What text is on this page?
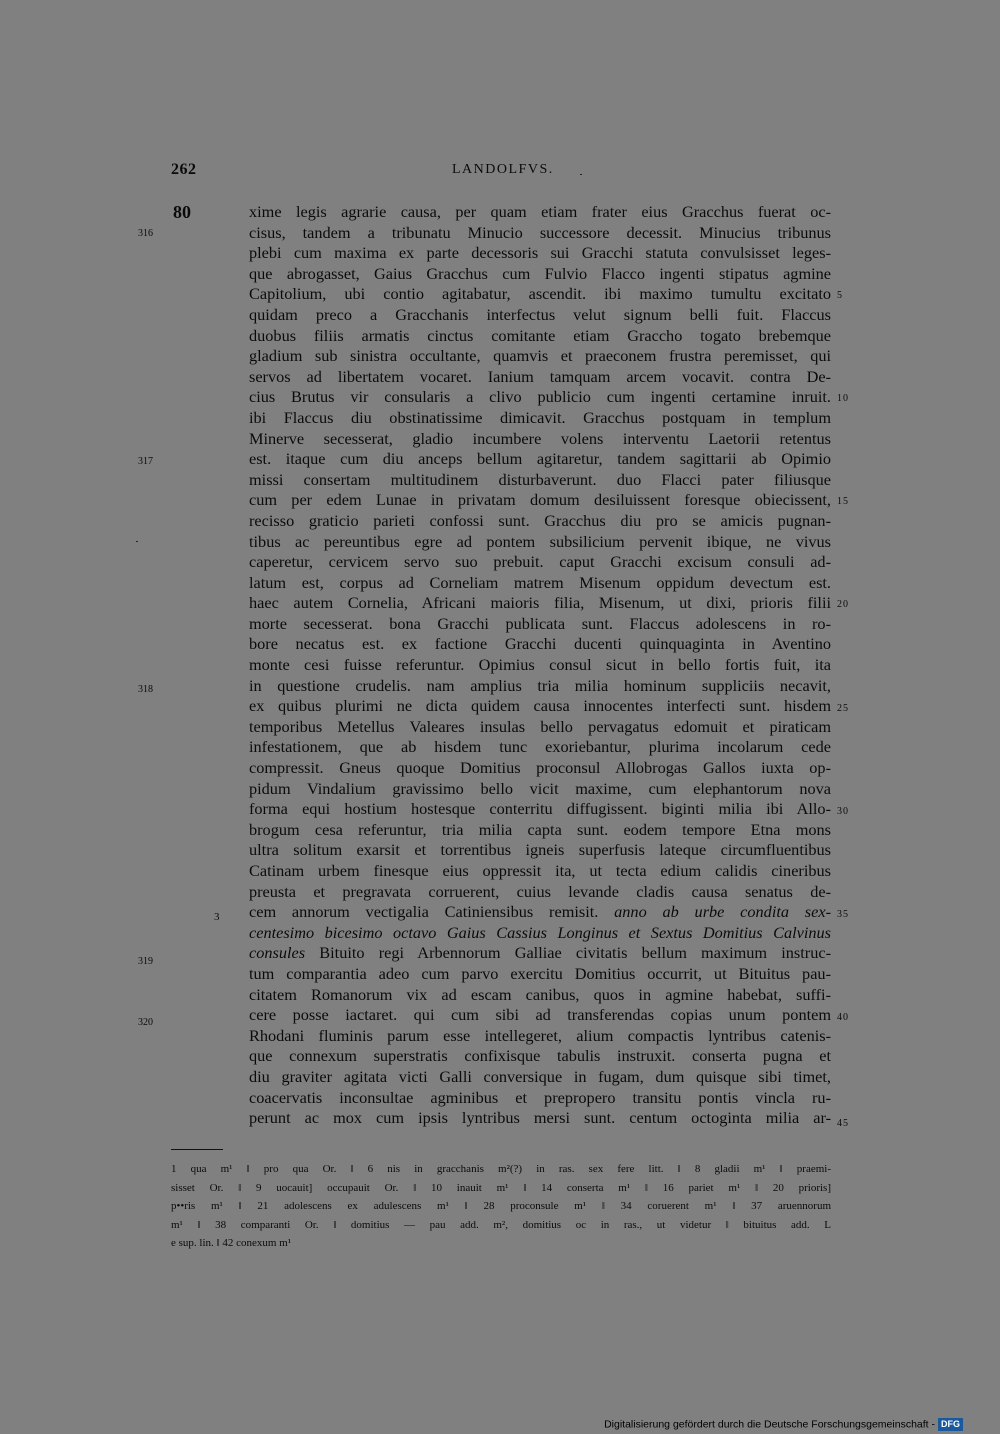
262	LANDOLFVS.
80
316
317
318
3
319
320
5
10
15
20
25
30
35
40
45
xime legis agrarie causa, per quam etiam frater eius Gracchus fuerat oc-
cisus, tandem a tribunatu Minucio successore decessit. Minucius tribunus
plebi cum maxima ex parte decessoris sui Gracchi statuta convulsisset leges-
que abrogasset, Gaius Gracchus cum Fulvio Flacco ingenti stipatus agmine
Capitolium, ubi contio agitabatur, ascendit. ibi maximo tumultu excitato
quidam preco a Gracchanis interfectus velut signum belli fuit. Flaccus
duobus filiis armatis cinctus comitante etiam Graccho togato brebemque
gladium sub sinistra occultante, quamvis et praeconem frustra peremisset, qui
servos ad libertatem vocaret. Ianium tamquam arcem vocavit. contra De-
cius Brutus vir consularis a clivo publicio cum ingenti certamine inruit.
ibi Flaccus diu obstinatissime dimicavit. Gracchus postquam in templum
Minerve secesserat, gladio incumbere volens interventu Laetorii retentus
est. itaque cum diu anceps bellum agitaretur, tandem sagittarii ab Opimio
missi consertam multitudinem disturbaverunt. duo Flacci pater filiusque
cum per edem Lunae in privatam domum desiluissent foresque obiecissent,
recisso graticio parieti confossi sunt. Gracchus diu pro se amicis pugnan-
tibus ac pereuntibus egre ad pontem subsilicium pervenit ibique, ne vivus
caperetur, cervicem servo suo prebuit. caput Gracchi excisum consuli ad-
latum est, corpus ad Corneliam matrem Misenum oppidum devectum est.
haec autem Cornelia, Africani maioris filia, Misenum, ut dixi, prioris filii
morte secesserat. bona Gracchi publicata sunt. Flaccus adolescens in ro-
bore necatus est. ex factione Gracchi ducenti quinquaginta in Aventino
monte cesi fuisse referuntur. Opimius consul sicut in bello fortis fuit, ita
in questione crudelis. nam amplius tria milia hominum suppliciis necavit,
ex quibus plurimi ne dicta quidem causa innocentes interfecti sunt. hisdem
temporibus Metellus Valeares insulas bello pervagatus edomuit et piraticam
infestationem, que ab hisdem tunc exoriebantur, plurima incolarum cede
compressit. Gneus quoque Domitius proconsul Allobrogas Gallos iuxta op-
pidum Vindalium gravissimo bello vicit maxime, cum elephantorum nova
forma equi hostium hostesque conterritu diffugissent. biginti milia ibi Allo-
brogum cesa referuntur, tria milia capta sunt. eodem tempore Etna mons
ultra solitum exarsit et torrentibus igneis superfusis lateque circumfluentibus
Catinam urbem finesque eius oppressit ita, ut tecta edium calidis cineribus
preusta et pregravata corruerent, cuius levande cladis causa senatus de-
cem annorum vectigalia Catiniensibus remisit. anno ab urbe condita sex-
centesimo bicesimo octavo Gaius Cassius Longinus et Sextus Domitius Calvinus
consules Bituito regi Arbennorum Galliae civitatis bellum maximum instruc-
tum comparantia adeo cum parvo exercitu Domitius occurrit, ut Bituitus pau-
citatem Romanorum vix ad escam canibus, quos in agmine habebat, suffi-
cere posse iactaret. qui cum sibi ad transferendas copias unum pontem
Rhodani fluminis parum esse intellegeret, alium compactis lyntribus catenis-
que connexum superstratis confixisque tabulis instruxit. conserta pugna et
diu graviter agitata victi Galli conversique in fugam, dum quisque sibi timet,
coacervatis inconsultae agminibus et prepropero transitu pontis vincla ru-
perunt ac mox cum ipsis lyntribus mersi sunt. centum octoginta milia ar-
1 qua m¹ ‖ pro qua Or. ‖ 6 nis in gracchanis m²(?) in ras. sex fere litt. ‖ 8 gladii m¹ ‖ praemi-
sisset Or. ‖ 9 uocauit] occupauit Or. ‖ 10 inauit m¹ ‖ 14 conserta m¹ ‖ 16 pariet m¹ ‖ 20 prioris]
p••ris m¹ ‖ 21 adolescens ex adulescens m¹ ‖ 28 proconsule m¹ ‖ 34 coruerent m¹ ‖ 37 aruennorum
m¹ ‖ 38 comparanti Or. ‖ domitius — pau add. m², domitius oc in ras., ut videtur ‖ bituitus add. L
e sup. lin. ‖ 42 conexum m¹
Digitalisierung gefördert durch die Deutsche Forschungsgemeinschaft - DFG
